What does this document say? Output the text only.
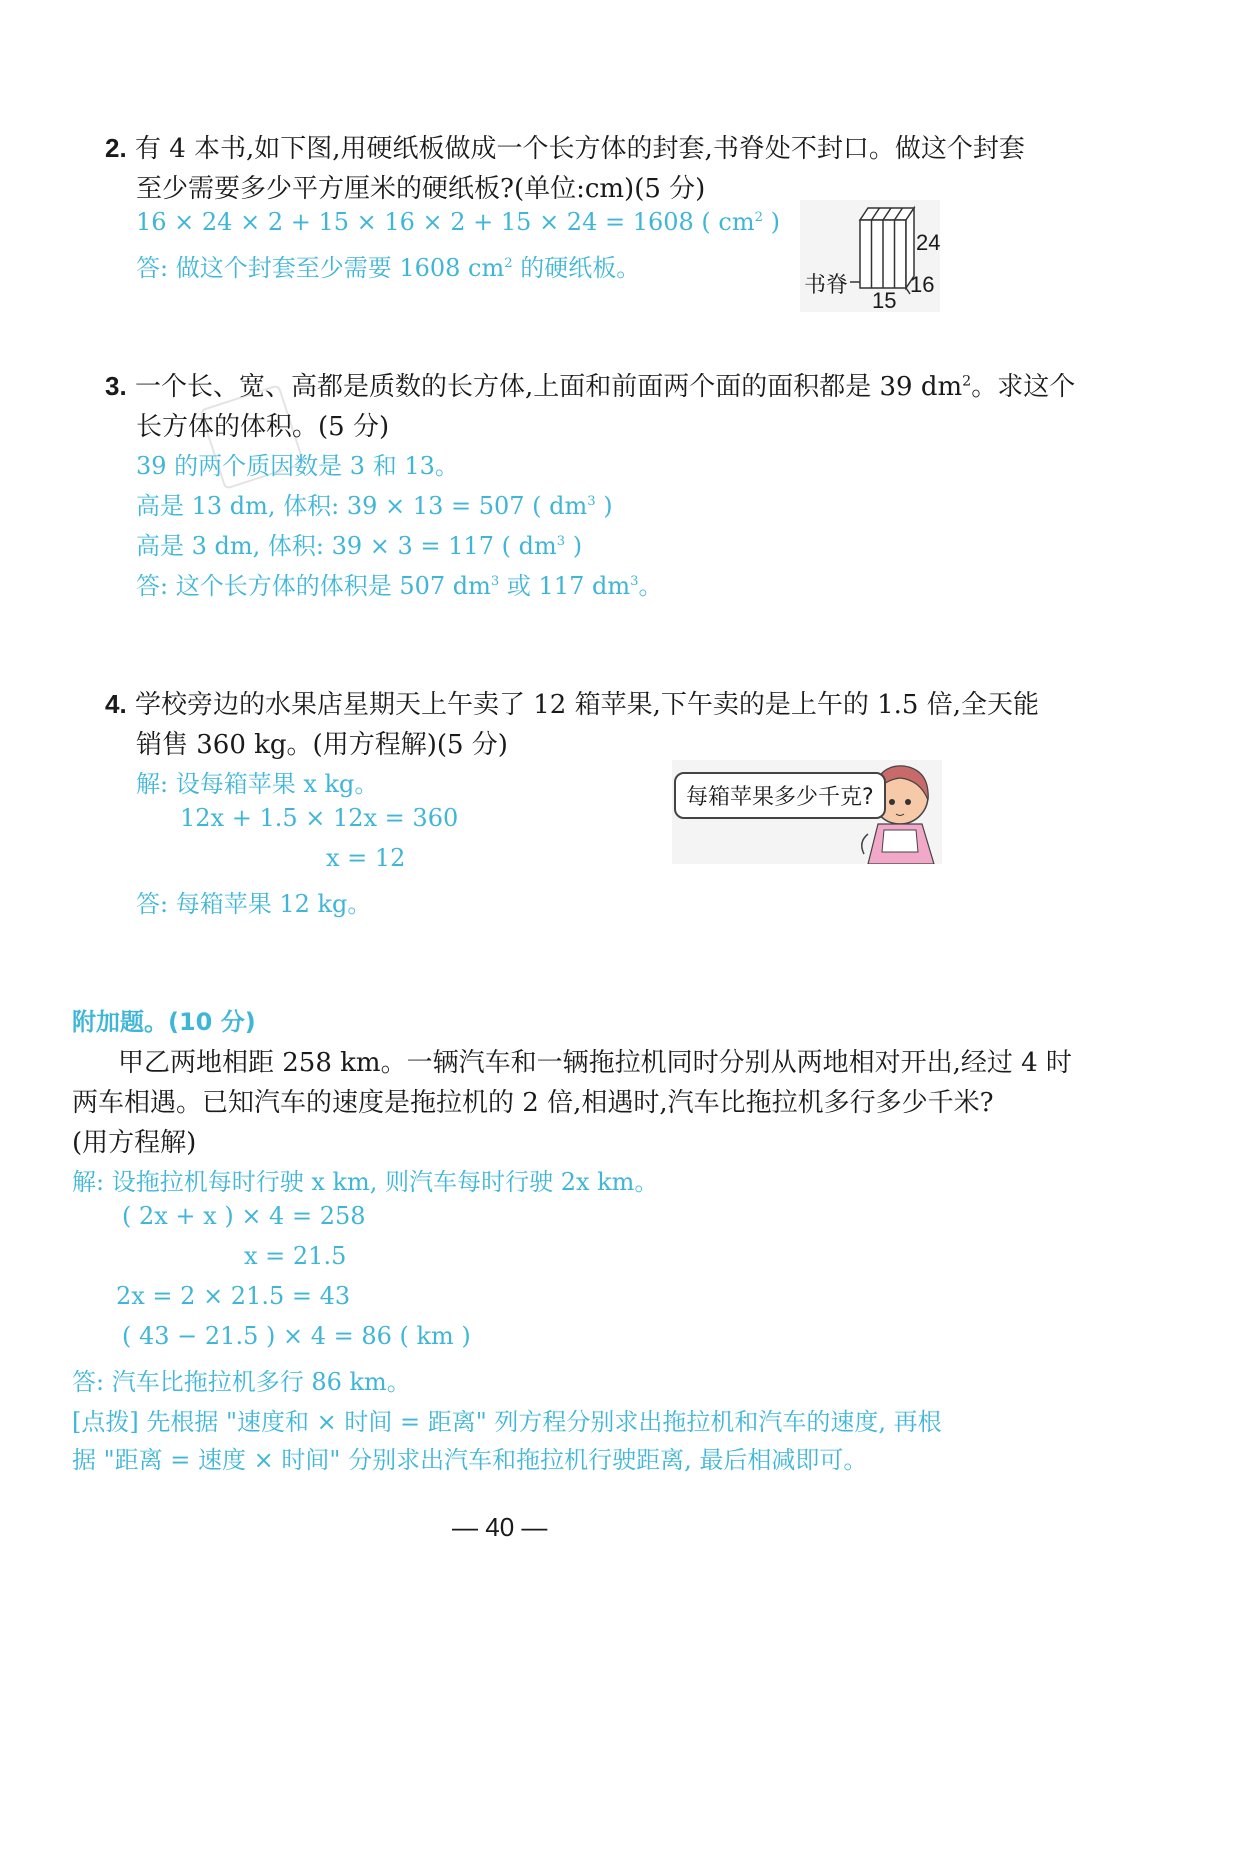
2. 有 4 本书,如下图,用硬纸板做成一个长方体的封套,书脊处不封口。做这个封套
至少需要多少平方厘米的硬纸板?(单位:cm)(5 分)
16 × 24 × 2 + 15 × 16 × 2 + 15 × 24 = 1608 ( $cm^2$ )
答: 做这个封套至少需要 1608 $cm^2$ 的硬纸板。
书脊
24
16
15
3. 一个长、宽、高都是质数的长方体,上面和前面两个面的面积都是 39 $dm^2$。求这个
长方体的体积。(5 分)
39 的两个质因数是 3 和 13。
高是 13 dm, 体积: 39 × 13 = 507 ( $dm^3$ )
高是 3 dm, 体积: 39 × 3 = 117 ( $dm^3$ )
答: 这个长方体的体积是 507 $dm^3$ 或 117 $dm^3$。
4. 学校旁边的水果店星期天上午卖了 12 箱苹果,下午卖的是上午的 1.5 倍,全天能
销售 360 kg。(用方程解)(5 分)
解: 设每箱苹果 x kg。
12x + 1.5 × 12x = 360
x = 12
答: 每箱苹果 12 kg。
每箱苹果多少千克?
附加题。(10 分)
甲乙两地相距 258 km。一辆汽车和一辆拖拉机同时分别从两地相对开出,经过 4 时
两车相遇。已知汽车的速度是拖拉机的 2 倍,相遇时,汽车比拖拉机多行多少千米?
(用方程解)
解: 设拖拉机每时行驶 x km, 则汽车每时行驶 2x km。
( 2x + x ) × 4 = 258
x = 21.5
2x = 2 × 21.5 = 43
( 43 − 21.5 ) × 4 = 86 ( km )
答: 汽车比拖拉机多行 86 km。
[点拨] 先根据 "速度和 × 时间 = 距离" 列方程分别求出拖拉机和汽车的速度, 再根
据 "距离 = 速度 × 时间" 分别求出汽车和拖拉机行驶距离, 最后相减即可。
— 40 —
